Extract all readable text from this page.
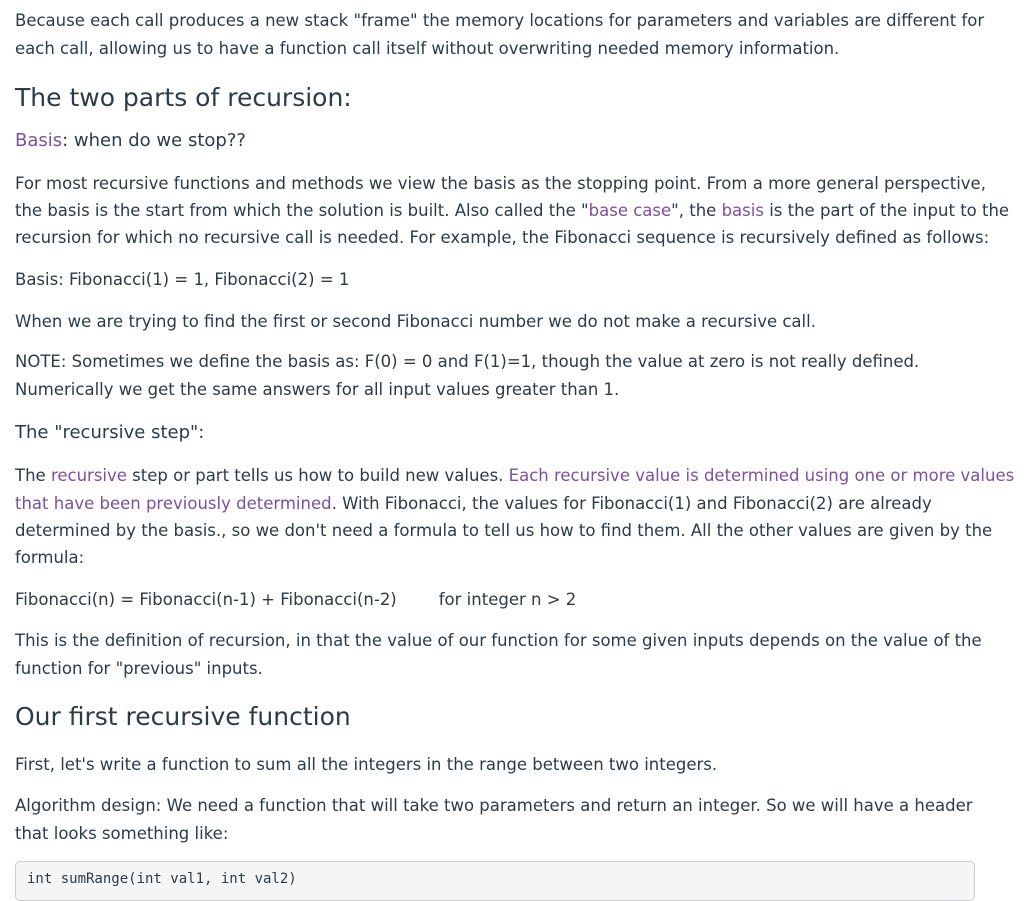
Because each call produces a new stack "frame" the memory locations for parameters and variables are different for

each call, allowing us to have a function call itself without overwriting needed memory information.

The two parts of recursion:

Basis: when do we stop??

For most recursive functions and methods we view the basis as the stopping point. From a more general perspective,

the basis is the start from which the solution is built. Also called the "base case", the basis is the part of the input to the

recursion for which no recursive call is needed. For example, the Fibonacci sequence is recursively defined as follows:

Basis: Fibonacci(1) = 1, Fibonacci(2) = 1

When we are trying to find the first or second Fibonacci number we do not make a recursive call.

NOTE: Sometimes we define the basis as: F(0) = 0 and F(1)=1, though the value at zero is not really defined.

Numerically we get the same answers for all input values greater than 1.

The "recursive step":

The recursive step or part tells us how to build new values. Each recursive value is determined using one or more values

that have been previously determined. With Fibonacci, the values for Fibonacci(1) and Fibonacci(2) are already

determined by the basis., so we don't need a formula to tell us how to find them. All the other values are given by the

formula:

Fibonacci(n) = Fibonacci(n-1) + Fibonacci(n-2)	for integer n > 2

This is the definition of recursion, in that the value of our function for some given inputs depends on the value of the

function for "previous" inputs.

Our first recursive function

First, let's write a function to sum all the integers in the range between two integers.

Algorithm design: We need a function that will take two parameters and return an integer. So we will have a header

that looks something like:

int sumRange(int val1, int val2)
